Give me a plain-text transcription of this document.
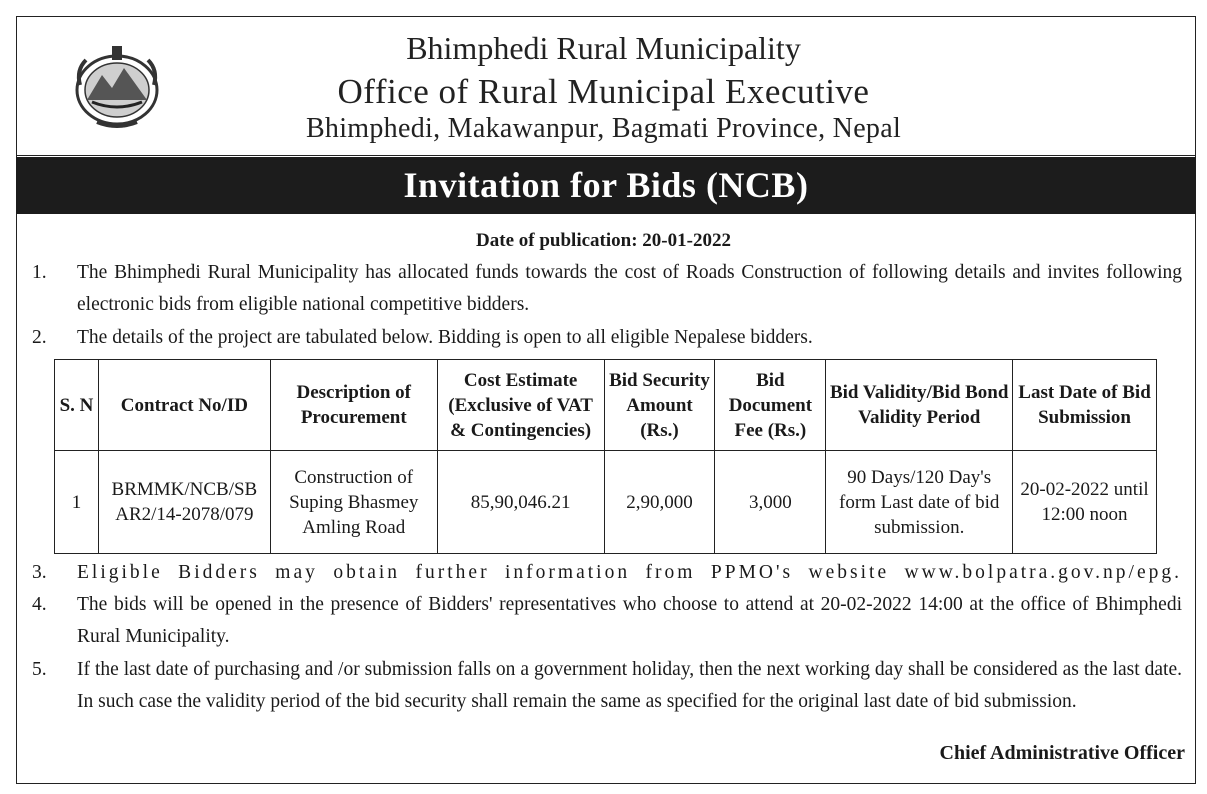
Bhimphedi Rural Municipality
Office of Rural Municipal Executive
Bhimphedi, Makawanpur, Bagmati Province, Nepal
Invitation for Bids (NCB)
Date of publication: 20-01-2022
1. The Bhimphedi Rural Municipality has allocated funds towards the cost of Roads Construction of following details and invites following electronic bids from eligible national competitive bidders.
2. The details of the project are tabulated below. Bidding is open to all eligible Nepalese bidders.
S. N	Contract No/ID	Description of Procurement	Cost Estimate (Exclusive of VAT & Contingencies)	Bid Security Amount (Rs.)	Bid Document Fee (Rs.)	Bid Validity/Bid Bond Validity Period	Last Date of Bid Submission
1	BRMMK/NCB/SB AR2/14-2078/079	Construction of Suping Bhasmey Amling Road	85,90,046.21	2,90,000	3,000	90 Days/120 Day's form Last date of bid submission.	20-02-2022 until 12:00 noon
3. Eligible Bidders may obtain further information from PPMO's website www.bolpatra.gov.np/epg.
4. The bids will be opened in the presence of Bidders' representatives who choose to attend at 20-02-2022 14:00 at the office of Bhimphedi Rural Municipality.
5. If the last date of purchasing and /or submission falls on a government holiday, then the next working day shall be considered as the last date. In such case the validity period of the bid security shall remain the same as specified for the original last date of bid submission.
Chief Administrative Officer
